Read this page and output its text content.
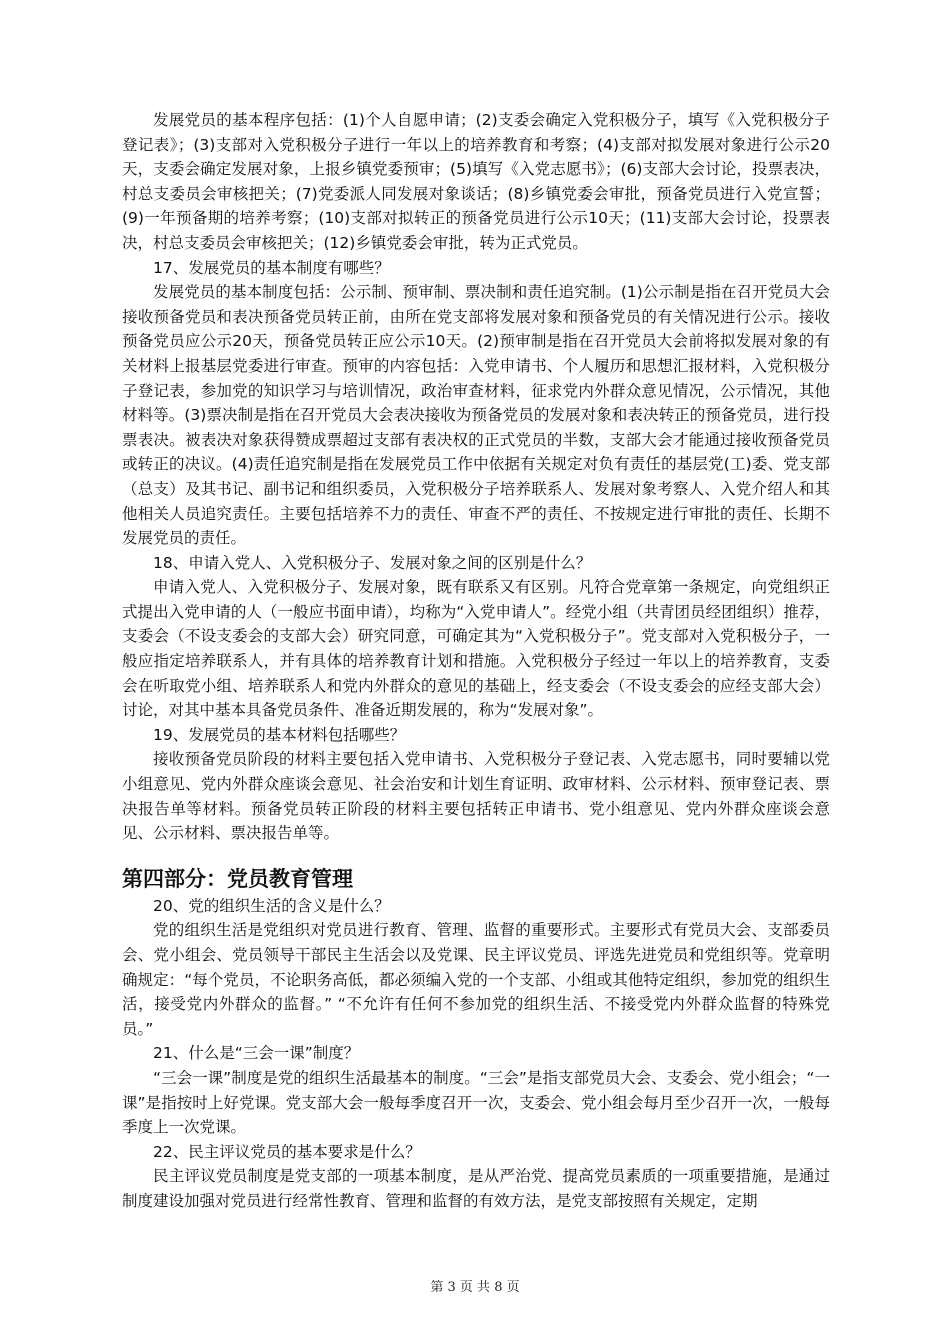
发展党员的基本程序包括：(1)个人自愿申请；(2)支委会确定入党积极分子，填写《入党积极分子登记表》；(3)支部对入党积极分子进行一年以上的培养教育和考察；(4)支部对拟发展对象进行公示20天，支委会确定发展对象，上报乡镇党委预审；(5)填写《入党志愿书》；(6)支部大会讨论，投票表决，村总支委员会审核把关；(7)党委派人同发展对象谈话；(8)乡镇党委会审批，预备党员进行入党宣誓；(9)一年预备期的培养考察；(10)支部对拟转正的预备党员进行公示10天；(11)支部大会讨论，投票表决，村总支委员会审核把关；(12)乡镇党委会审批，转为正式党员。

17、发展党员的基本制度有哪些？

发展党员的基本制度包括：公示制、预审制、票决制和责任追究制。(1)公示制是指在召开党员大会接收预备党员和表决预备党员转正前，由所在党支部将发展对象和预备党员的有关情况进行公示。接收预备党员应公示20天，预备党员转正应公示10天。(2)预审制是指在召开党员大会前将拟发展对象的有关材料上报基层党委进行审查。预审的内容包括：入党申请书、个人履历和思想汇报材料，入党积极分子登记表，参加党的知识学习与培训情况，政治审查材料，征求党内外群众意见情况，公示情况，其他材料等。(3)票决制是指在召开党员大会表决接收为预备党员的发展对象和表决转正的预备党员，进行投票表决。被表决对象获得赞成票超过支部有表决权的正式党员的半数，支部大会才能通过接收预备党员或转正的决议。(4)责任追究制是指在发展党员工作中依据有关规定对负有责任的基层党(工)委、党支部（总支）及其书记、副书记和组织委员，入党积极分子培养联系人、发展对象考察人、入党介绍人和其他相关人员追究责任。主要包括培养不力的责任、审查不严的责任、不按规定进行审批的责任、长期不发展党员的责任。

18、申请入党人、入党积极分子、发展对象之间的区别是什么？

申请入党人、入党积极分子、发展对象，既有联系又有区别。凡符合党章第一条规定，向党组织正式提出入党申请的人（一般应书面申请），均称为“入党申请人”。经党小组（共青团员经团组织）推荐，支委会（不设支委会的支部大会）研究同意，可确定其为“入党积极分子”。党支部对入党积极分子，一般应指定培养联系人，并有具体的培养教育计划和措施。入党积极分子经过一年以上的培养教育，支委会在听取党小组、培养联系人和党内外群众的意见的基础上，经支委会（不设支委会的应经支部大会）讨论，对其中基本具备党员条件、准备近期发展的，称为“发展对象”。

19、发展党员的基本材料包括哪些？

接收预备党员阶段的材料主要包括入党申请书、入党积极分子登记表、入党志愿书，同时要辅以党小组意见、党内外群众座谈会意见、社会治安和计划生育证明、政审材料、公示材料、预审登记表、票决报告单等材料。预备党员转正阶段的材料主要包括转正申请书、党小组意见、党内外群众座谈会意见、公示材料、票决报告单等。

第四部分：党员教育管理

20、党的组织生活的含义是什么？

党的组织生活是党组织对党员进行教育、管理、监督的重要形式。主要形式有党员大会、支部委员会、党小组会、党员领导干部民主生活会以及党课、民主评议党员、评选先进党员和党组织等。党章明确规定：“每个党员，不论职务高低，都必须编入党的一个支部、小组或其他特定组织，参加党的组织生活，接受党内外群众的监督。” “不允许有任何不参加党的组织生活、不接受党内外群众监督的特殊党员。”

21、什么是“三会一课”制度？

“三会一课”制度是党的组织生活最基本的制度。“三会”是指支部党员大会、支委会、党小组会；“一课”是指按时上好党课。党支部大会一般每季度召开一次，支委会、党小组会每月至少召开一次，一般每季度上一次党课。

22、民主评议党员的基本要求是什么？

民主评议党员制度是党支部的一项基本制度，是从严治党、提高党员素质的一项重要措施，是通过制度建设加强对党员进行经常性教育、管理和监督的有效方法，是党支部按照有关规定，定期

第 3 页 共 8 页
